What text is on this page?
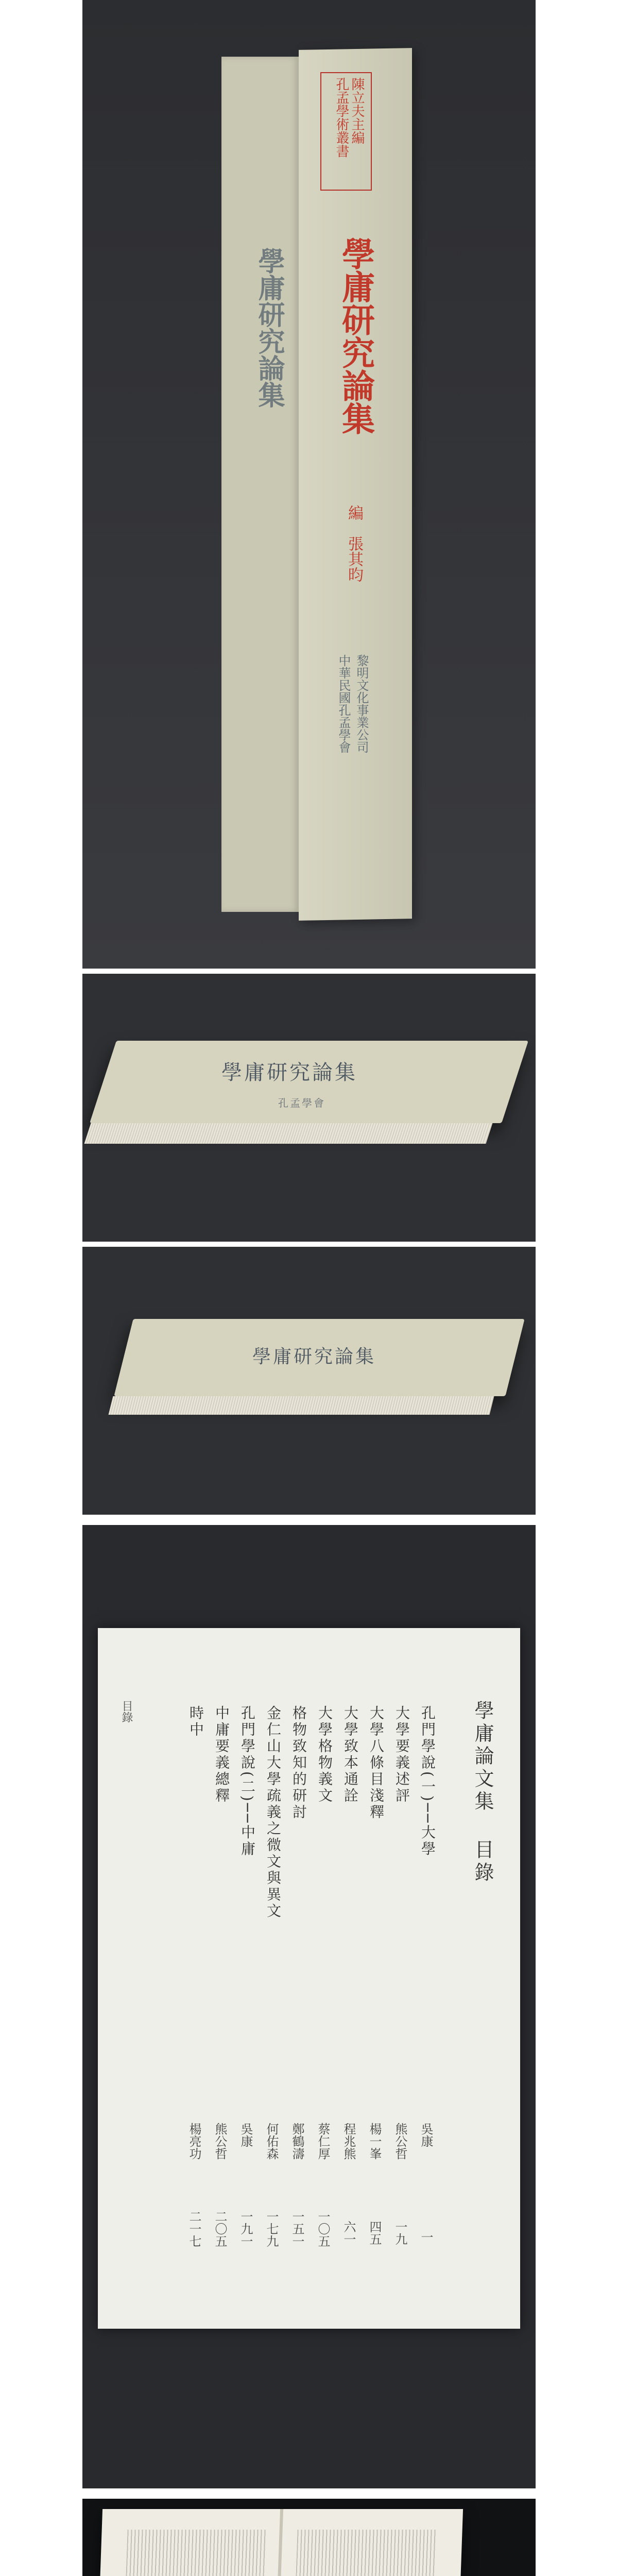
孔孟學術叢書 陳立夫主編
學庸研究論集
編
張其昀
中華民國孔孟學會 黎明文化事業公司
學庸研究論集
學庸研究論集
孔孟學會
學庸研究論集
學庸論文集 目錄
孔門學說(一)──大學
吳康
一
大學要義述評
熊公哲
一九
大學八條目淺釋
楊一峯
四五
大學致本通詮
程兆熊
六一
大學格物義文
蔡仁厚
一〇五
格物致知的研討
鄭鶴濤
一五一
金仁山大學疏義之微文與異文
何佑森
一七九
孔門學說(二)──中庸
吳康
一九一
中庸要義總釋
熊公哲
二〇五
時中
楊亮功
二一七
目錄
